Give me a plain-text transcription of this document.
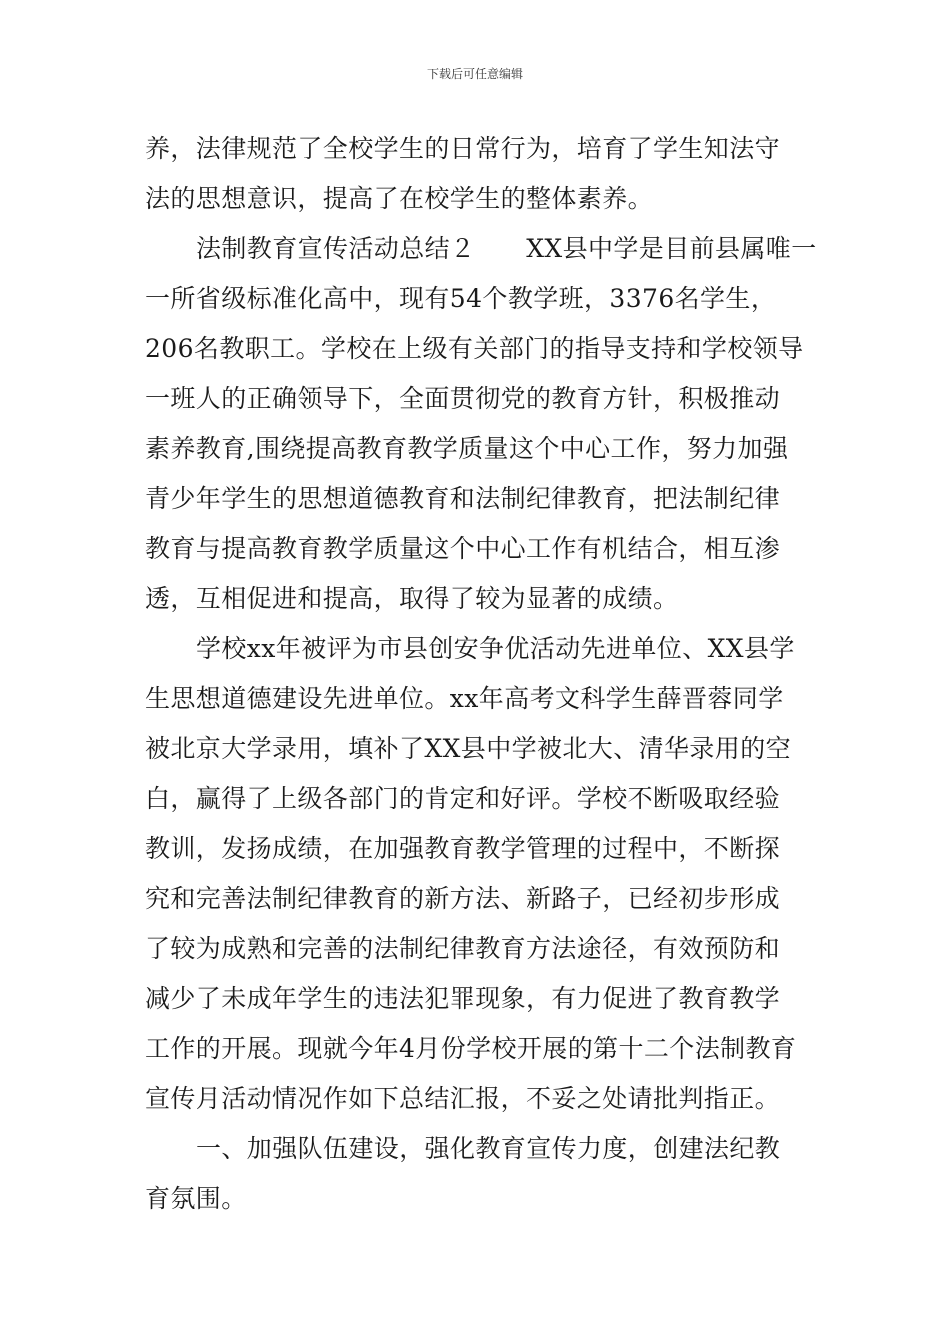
下载后可任意编辑
养，法律规范了全校学生的日常行为，培育了学生知法守
法的思想意识，提高了在校学生的整体素养。
法制教育宣传活动总结２　　XX县中学是目前县属唯一
一所省级标准化高中，现有54个教学班，3376名学生，
206名教职工。学校在上级有关部门的指导支持和学校领导
一班人的正确领导下，全面贯彻党的教育方针，积极推动
素养教育,围绕提高教育教学质量这个中心工作，努力加强
青少年学生的思想道德教育和法制纪律教育，把法制纪律
教育与提高教育教学质量这个中心工作有机结合，相互渗
透，互相促进和提高，取得了较为显著的成绩。
学校xx年被评为市县创安争优活动先进单位、XX县学
生思想道德建设先进单位。xx年高考文科学生薛晋蓉同学
被北京大学录用，填补了XX县中学被北大、清华录用的空
白，赢得了上级各部门的肯定和好评。学校不断吸取经验
教训，发扬成绩，在加强教育教学管理的过程中，不断探
究和完善法制纪律教育的新方法、新路子，已经初步形成
了较为成熟和完善的法制纪律教育方法途径，有效预防和
减少了未成年学生的违法犯罪现象，有力促进了教育教学
工作的开展。现就今年4月份学校开展的第十二个法制教育
宣传月活动情况作如下总结汇报，不妥之处请批判指正。
一、加强队伍建设，强化教育宣传力度，创建法纪教
育氛围。
